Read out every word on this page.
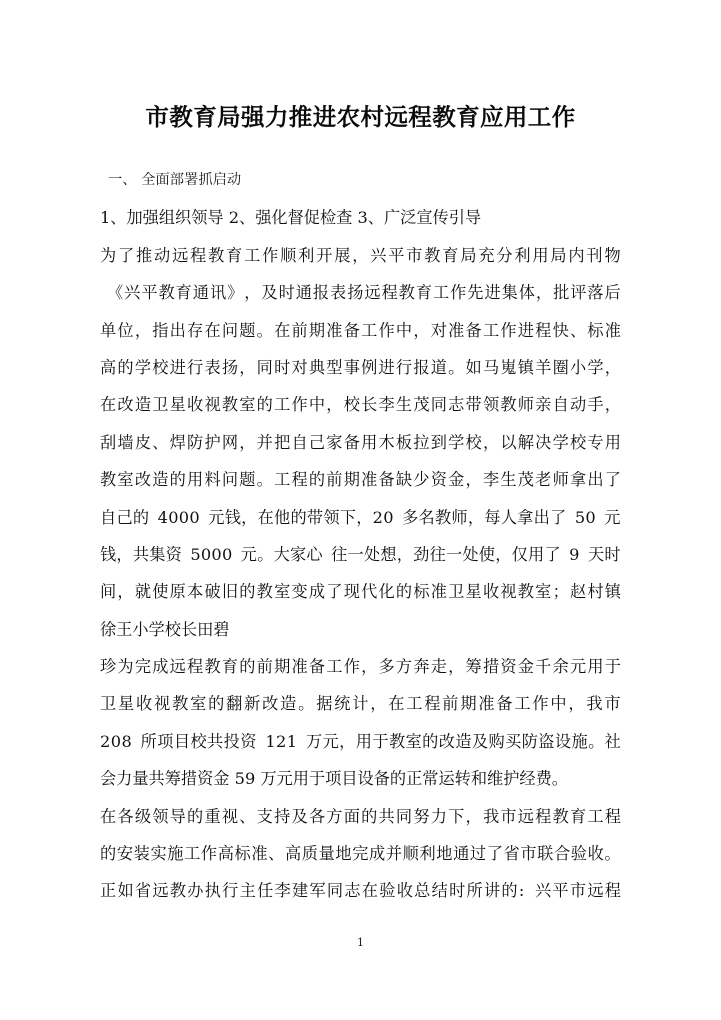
市教育局强力推进农村远程教育应用工作
一、 全面部署抓启动
1、加强组织领导 2、强化督促检查 3、广泛宣传引导
为 了 推 动 远 程 教 育 工 作 顺 利 开 展 ， 兴 平 市 教 育 局 充 分 利 用 局 内 刊 物
《 兴 平 教 育 通 讯 》 ， 及 时 通 报 表 扬 远 程 教 育 工 作 先 进 集 体 ， 批 评 落 后
单 位 ， 指 出 存 在 问 题 。 在 前 期 准 备 工 作 中 ， 对 准 备 工 作 进 程 快 、 标 准
高 的 学 校 进 行 表 扬 ， 同 时 对 典 型 事 例 进 行 报 道 。 如 马 嵬 镇 羊 圈 小 学 ，
在 改 造 卫 星 收 视 教 室 的 工 作 中 ， 校 长 李 生 茂 同 志 带 领 教 师 亲 自 动 手 ，
刮 墙 皮 、 焊 防 护 网 ， 并 把 自 己 家 备 用 木 板 拉 到 学 校 ， 以 解 决 学 校 专 用
教 室 改 造 的 用 料 问 题 。 工 程 的 前 期 准 备 缺 少 资 金 ， 李 生 茂 老 师 拿 出 了
自 己 的
  4 0 0 0
  元 钱 ， 在 他 的 带 领 下 ， 2 0
  多 名 教 师 ， 每 人 拿 出 了
  5 0
  元
钱 ， 共 集 资
  5 0 0 0
  元 。 大 家 心
  往 一 处 想 ， 劲 往 一 处 使 ， 仅 用 了
  9
  天 时
间 ， 就 使 原 本 破 旧 的 教 室 变 成 了 现 代 化 的 标 准 卫 星 收 视 教 室 ； 赵 村 镇
徐王小学校长田碧
珍 为 完 成 远 程 教 育 的 前 期 准 备 工 作 ， 多 方 奔 走 ， 筹 措 资 金 千 余 元 用 于
卫 星 收 视 教 室 的 翻 新 改 造 。 据 统 计 ， 在 工 程 前 期 准 备 工 作 中 ， 我 市
2 0 8
  所 项 目 校 共 投 资
  1 2 1
  万 元 ， 用 于 教 室 的 改 造 及 购 买 防 盗 设 施 。 社
会力量共筹措资金 59 万元用于项目设备的正常运转和维护经费。
在 各 级 领 导 的 重 视 、 支 持 及 各 方 面 的 共 同 努 力 下 ， 我 市 远 程 教 育 工 程
的 安 装 实 施 工 作 高 标 准 、 高 质 量 地 完 成 并 顺 利 地 通 过 了 省 市 联 合 验 收 。
正 如 省 远 教 办 执 行 主 任 李 建 军 同 志 在 验 收 总 结 时 所 讲 的 :
  兴 平 市 远 程
1
